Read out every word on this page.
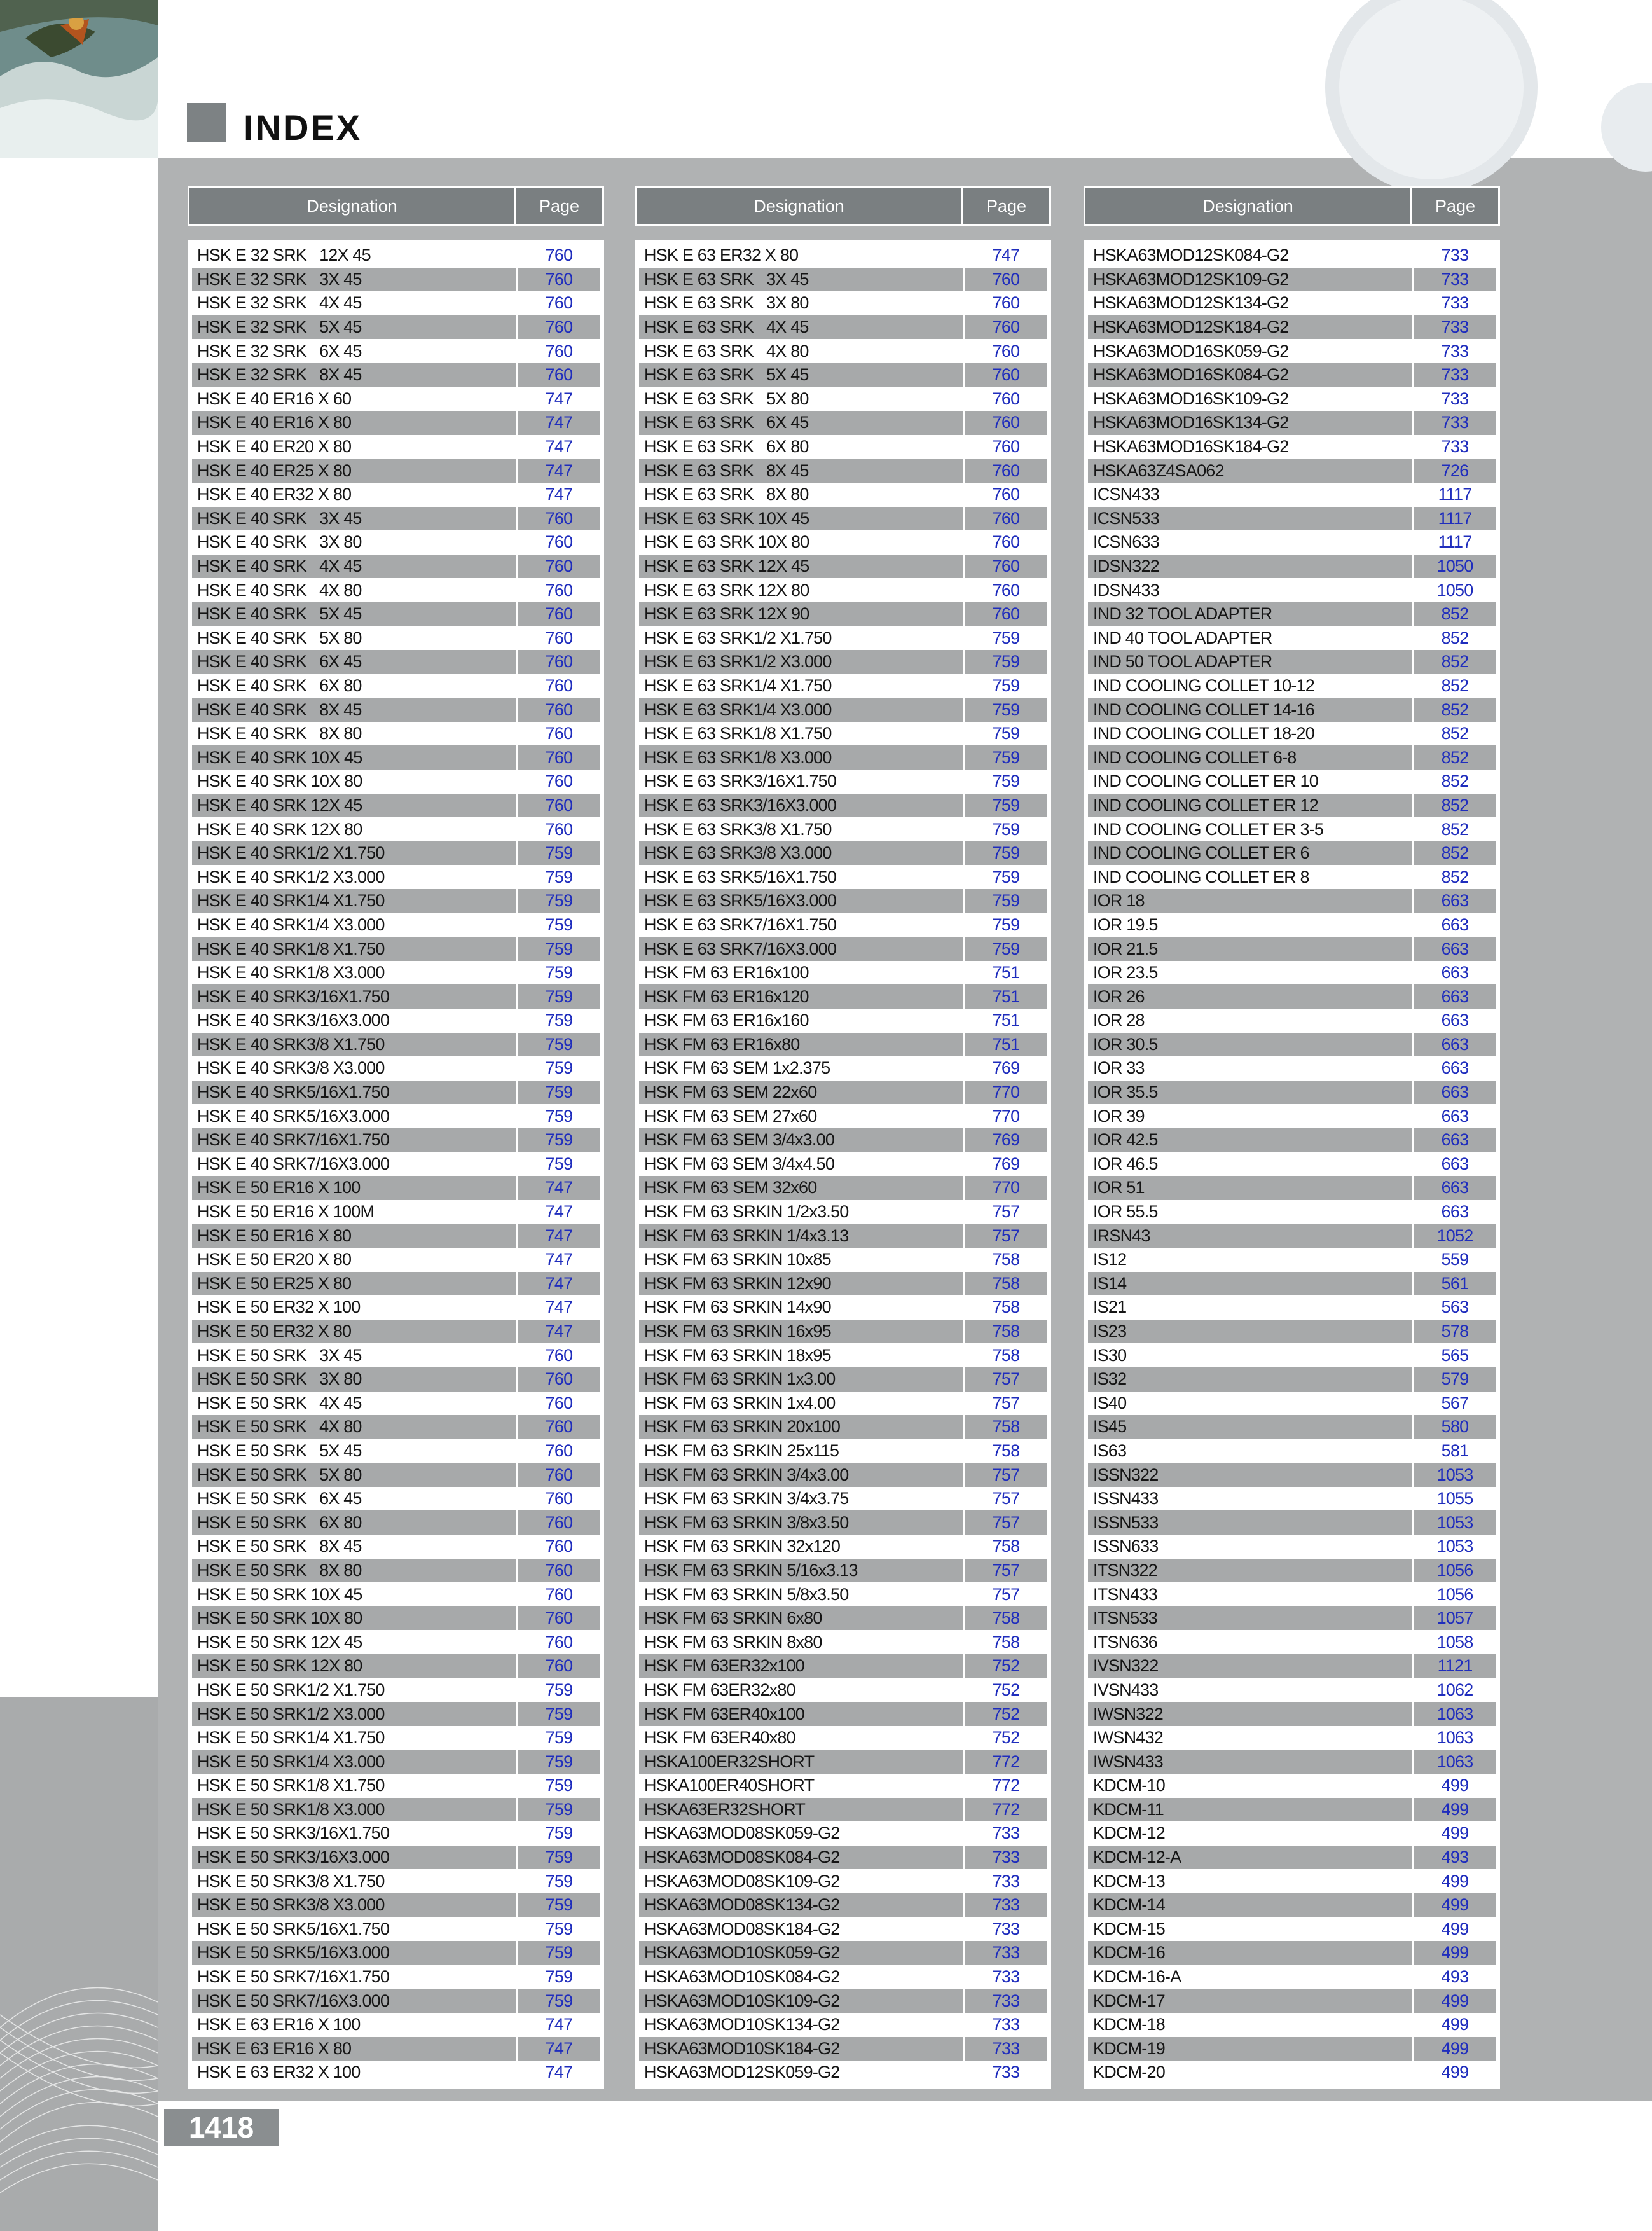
INDEX
Designation	Page
HSK E 32 SRK   12X 45	760
HSK E 32 SRK   3X 45	760
HSK E 32 SRK   4X 45	760
HSK E 32 SRK   5X 45	760
HSK E 32 SRK   6X 45	760
HSK E 32 SRK   8X 45	760
HSK E 40 ER16 X 60	747
HSK E 40 ER16 X 80	747
HSK E 40 ER20 X 80	747
HSK E 40 ER25 X 80	747
HSK E 40 ER32 X 80	747
HSK E 40 SRK   3X 45	760
HSK E 40 SRK   3X 80	760
HSK E 40 SRK   4X 45	760
HSK E 40 SRK   4X 80	760
HSK E 40 SRK   5X 45	760
HSK E 40 SRK   5X 80	760
HSK E 40 SRK   6X 45	760
HSK E 40 SRK   6X 80	760
HSK E 40 SRK   8X 45	760
HSK E 40 SRK   8X 80	760
HSK E 40 SRK 10X 45	760
HSK E 40 SRK 10X 80	760
HSK E 40 SRK 12X 45	760
HSK E 40 SRK 12X 80	760
HSK E 40 SRK1/2 X1.750	759
HSK E 40 SRK1/2 X3.000	759
HSK E 40 SRK1/4 X1.750	759
HSK E 40 SRK1/4 X3.000	759
HSK E 40 SRK1/8 X1.750	759
HSK E 40 SRK1/8 X3.000	759
HSK E 40 SRK3/16X1.750	759
HSK E 40 SRK3/16X3.000	759
HSK E 40 SRK3/8 X1.750	759
HSK E 40 SRK3/8 X3.000	759
HSK E 40 SRK5/16X1.750	759
HSK E 40 SRK5/16X3.000	759
HSK E 40 SRK7/16X1.750	759
HSK E 40 SRK7/16X3.000	759
HSK E 50 ER16 X 100	747
HSK E 50 ER16 X 100M	747
HSK E 50 ER16 X 80	747
HSK E 50 ER20 X 80	747
HSK E 50 ER25 X 80	747
HSK E 50 ER32 X 100	747
HSK E 50 ER32 X 80	747
HSK E 50 SRK   3X 45	760
HSK E 50 SRK   3X 80	760
HSK E 50 SRK   4X 45	760
HSK E 50 SRK   4X 80	760
HSK E 50 SRK   5X 45	760
HSK E 50 SRK   5X 80	760
HSK E 50 SRK   6X 45	760
HSK E 50 SRK   6X 80	760
HSK E 50 SRK   8X 45	760
HSK E 50 SRK   8X 80	760
HSK E 50 SRK 10X 45	760
HSK E 50 SRK 10X 80	760
HSK E 50 SRK 12X 45	760
HSK E 50 SRK 12X 80	760
HSK E 50 SRK1/2 X1.750	759
HSK E 50 SRK1/2 X3.000	759
HSK E 50 SRK1/4 X1.750	759
HSK E 50 SRK1/4 X3.000	759
HSK E 50 SRK1/8 X1.750	759
HSK E 50 SRK1/8 X3.000	759
HSK E 50 SRK3/16X1.750	759
HSK E 50 SRK3/16X3.000	759
HSK E 50 SRK3/8 X1.750	759
HSK E 50 SRK3/8 X3.000	759
HSK E 50 SRK5/16X1.750	759
HSK E 50 SRK5/16X3.000	759
HSK E 50 SRK7/16X1.750	759
HSK E 50 SRK7/16X3.000	759
HSK E 63 ER16 X 100	747
HSK E 63 ER16 X 80	747
HSK E 63 ER32 X 100	747
Designation	Page
HSK E 63 ER32 X 80	747
HSK E 63 SRK   3X 45	760
HSK E 63 SRK   3X 80	760
HSK E 63 SRK   4X 45	760
HSK E 63 SRK   4X 80	760
HSK E 63 SRK   5X 45	760
HSK E 63 SRK   5X 80	760
HSK E 63 SRK   6X 45	760
HSK E 63 SRK   6X 80	760
HSK E 63 SRK   8X 45	760
HSK E 63 SRK   8X 80	760
HSK E 63 SRK 10X 45	760
HSK E 63 SRK 10X 80	760
HSK E 63 SRK 12X 45	760
HSK E 63 SRK 12X 80	760
HSK E 63 SRK 12X 90	760
HSK E 63 SRK1/2 X1.750	759
HSK E 63 SRK1/2 X3.000	759
HSK E 63 SRK1/4 X1.750	759
HSK E 63 SRK1/4 X3.000	759
HSK E 63 SRK1/8 X1.750	759
HSK E 63 SRK1/8 X3.000	759
HSK E 63 SRK3/16X1.750	759
HSK E 63 SRK3/16X3.000	759
HSK E 63 SRK3/8 X1.750	759
HSK E 63 SRK3/8 X3.000	759
HSK E 63 SRK5/16X1.750	759
HSK E 63 SRK5/16X3.000	759
HSK E 63 SRK7/16X1.750	759
HSK E 63 SRK7/16X3.000	759
HSK FM 63 ER16x100	751
HSK FM 63 ER16x120	751
HSK FM 63 ER16x160	751
HSK FM 63 ER16x80	751
HSK FM 63 SEM 1x2.375	769
HSK FM 63 SEM 22x60	770
HSK FM 63 SEM 27x60	770
HSK FM 63 SEM 3/4x3.00	769
HSK FM 63 SEM 3/4x4.50	769
HSK FM 63 SEM 32x60	770
HSK FM 63 SRKIN 1/2x3.50	757
HSK FM 63 SRKIN 1/4x3.13	757
HSK FM 63 SRKIN 10x85	758
HSK FM 63 SRKIN 12x90	758
HSK FM 63 SRKIN 14x90	758
HSK FM 63 SRKIN 16x95	758
HSK FM 63 SRKIN 18x95	758
HSK FM 63 SRKIN 1x3.00	757
HSK FM 63 SRKIN 1x4.00	757
HSK FM 63 SRKIN 20x100	758
HSK FM 63 SRKIN 25x115	758
HSK FM 63 SRKIN 3/4x3.00	757
HSK FM 63 SRKIN 3/4x3.75	757
HSK FM 63 SRKIN 3/8x3.50	757
HSK FM 63 SRKIN 32x120	758
HSK FM 63 SRKIN 5/16x3.13	757
HSK FM 63 SRKIN 5/8x3.50	757
HSK FM 63 SRKIN 6x80	758
HSK FM 63 SRKIN 8x80	758
HSK FM 63ER32x100	752
HSK FM 63ER32x80	752
HSK FM 63ER40x100	752
HSK FM 63ER40x80	752
HSKA100ER32SHORT	772
HSKA100ER40SHORT	772
HSKA63ER32SHORT	772
HSKA63MOD08SK059-G2	733
HSKA63MOD08SK084-G2	733
HSKA63MOD08SK109-G2	733
HSKA63MOD08SK134-G2	733
HSKA63MOD08SK184-G2	733
HSKA63MOD10SK059-G2	733
HSKA63MOD10SK084-G2	733
HSKA63MOD10SK109-G2	733
HSKA63MOD10SK134-G2	733
HSKA63MOD10SK184-G2	733
HSKA63MOD12SK059-G2	733
Designation	Page
HSKA63MOD12SK084-G2	733
HSKA63MOD12SK109-G2	733
HSKA63MOD12SK134-G2	733
HSKA63MOD12SK184-G2	733
HSKA63MOD16SK059-G2	733
HSKA63MOD16SK084-G2	733
HSKA63MOD16SK109-G2	733
HSKA63MOD16SK134-G2	733
HSKA63MOD16SK184-G2	733
HSKA63Z4SA062	726
ICSN433	1117
ICSN533	1117
ICSN633	1117
IDSN322	1050
IDSN433	1050
IND 32 TOOL ADAPTER	852
IND 40 TOOL ADAPTER	852
IND 50 TOOL ADAPTER	852
IND COOLING COLLET 10-12	852
IND COOLING COLLET 14-16	852
IND COOLING COLLET 18-20	852
IND COOLING COLLET 6-8	852
IND COOLING COLLET ER 10	852
IND COOLING COLLET ER 12	852
IND COOLING COLLET ER 3-5	852
IND COOLING COLLET ER 6	852
IND COOLING COLLET ER 8	852
IOR 18	663
IOR 19.5	663
IOR 21.5	663
IOR 23.5	663
IOR 26	663
IOR 28	663
IOR 30.5	663
IOR 33	663
IOR 35.5	663
IOR 39	663
IOR 42.5	663
IOR 46.5	663
IOR 51	663
IOR 55.5	663
IRSN43	1052
IS12	559
IS14	561
IS21	563
IS23	578
IS30	565
IS32	579
IS40	567
IS45	580
IS63	581
ISSN322	1053
ISSN433	1055
ISSN533	1053
ISSN633	1053
ITSN322	1056
ITSN433	1056
ITSN533	1057
ITSN636	1058
IVSN322	1121
IVSN433	1062
IWSN322	1063
IWSN432	1063
IWSN433	1063
KDCM-10	499
KDCM-11	499
KDCM-12	499
KDCM-12-A	493
KDCM-13	499
KDCM-14	499
KDCM-15	499
KDCM-16	499
KDCM-16-A	493
KDCM-17	499
KDCM-18	499
KDCM-19	499
KDCM-20	499
1418
